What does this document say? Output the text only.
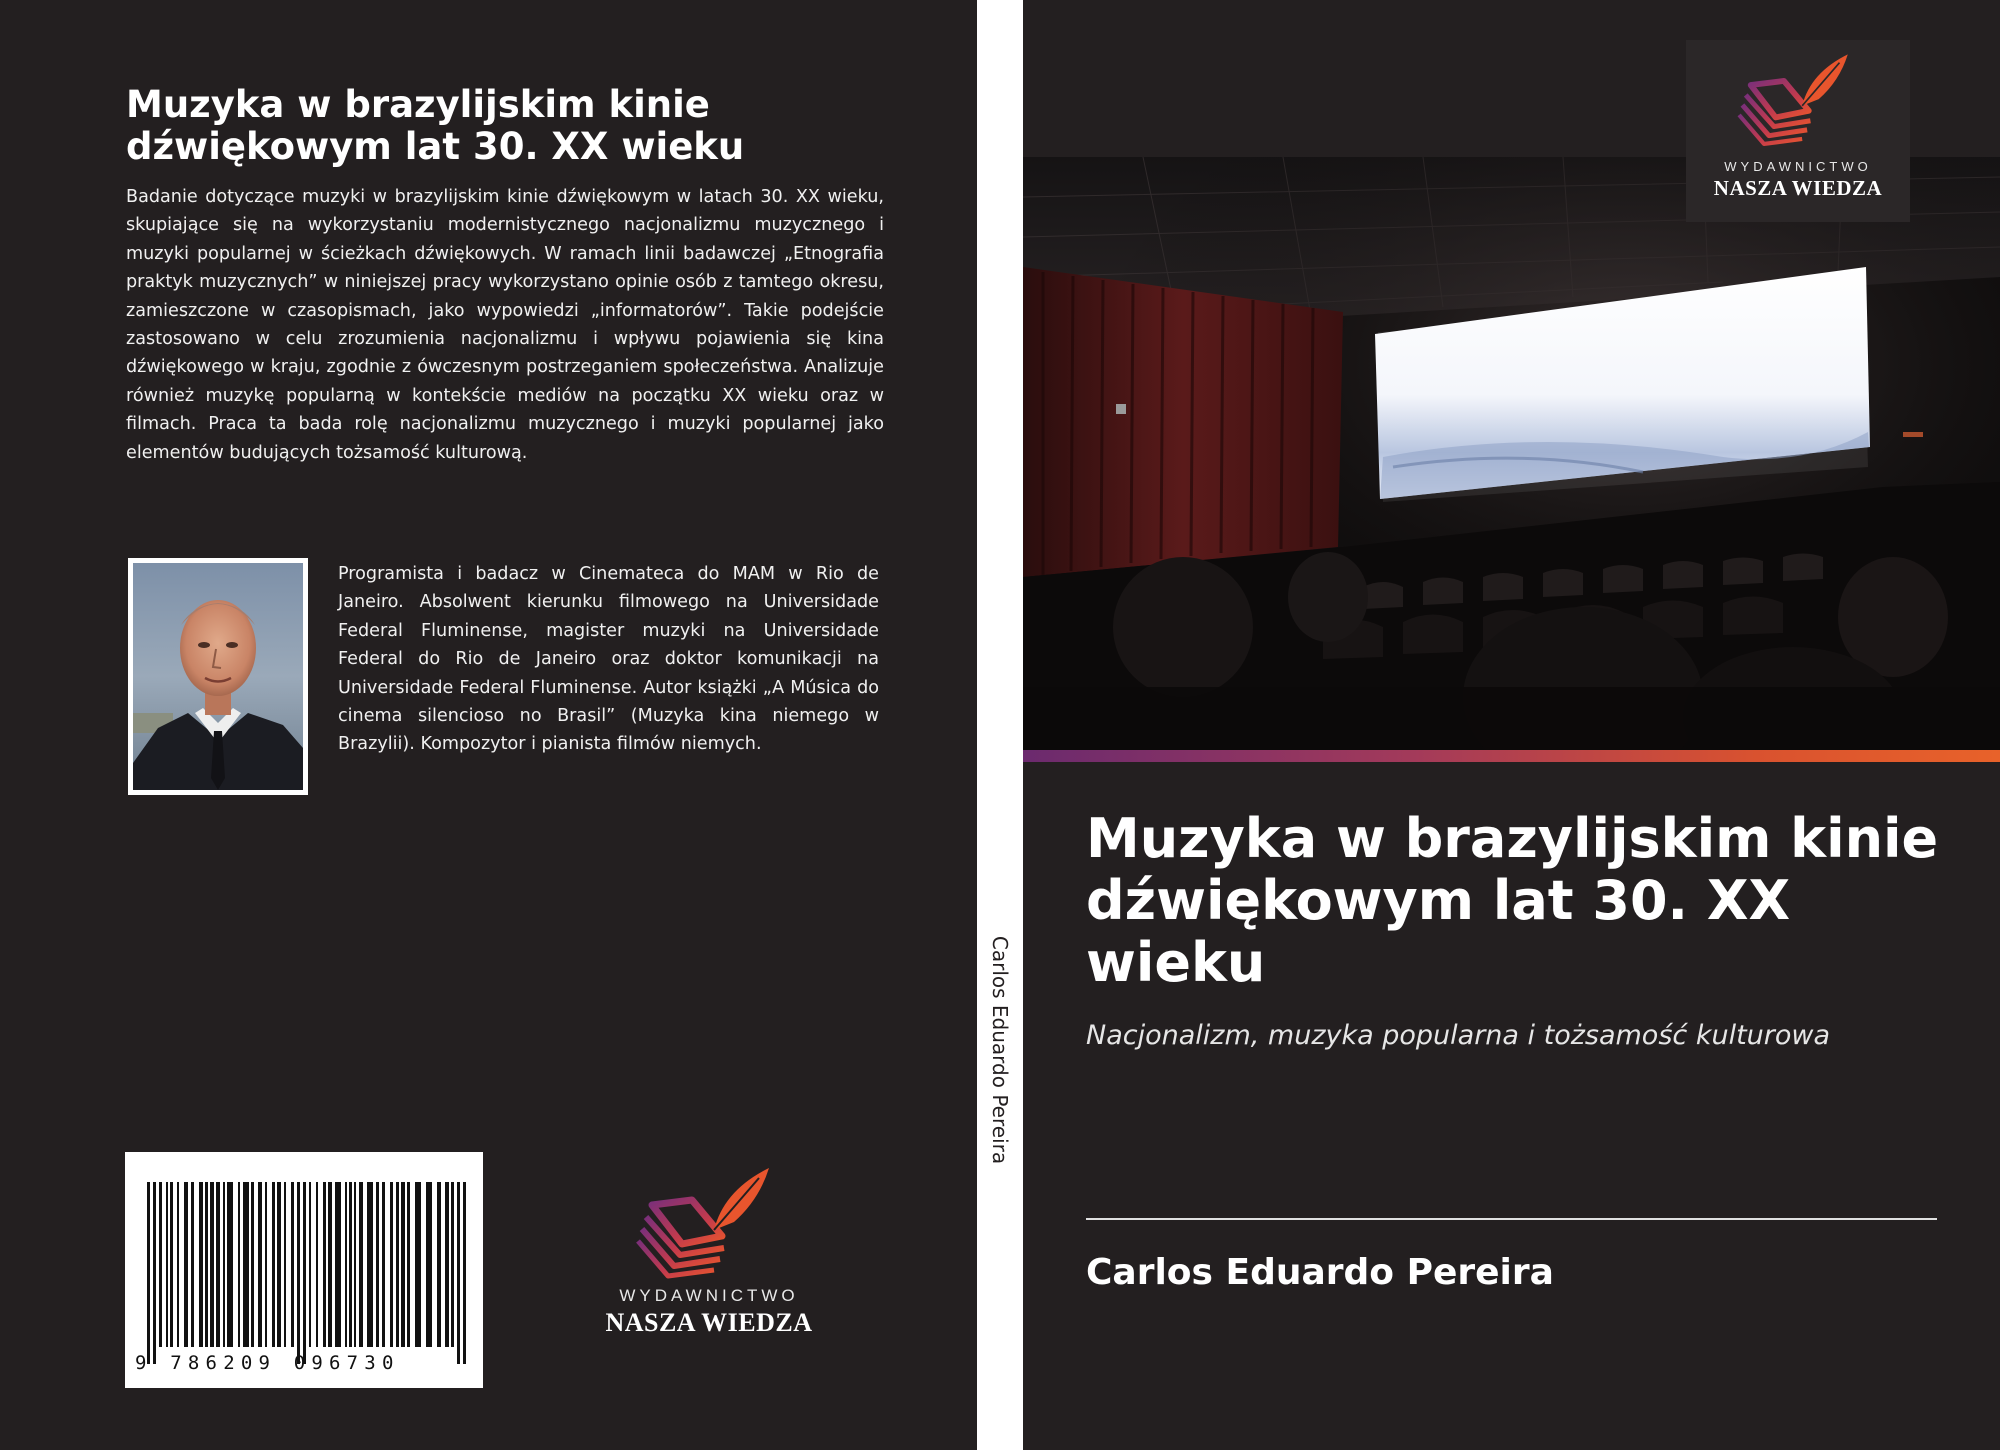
Muzyka w brazylijskim kinie dźwiękowym lat 30. XX wieku

Badanie dotyczące muzyki w brazylijskim kinie dźwiękowym w latach 30. XX wieku, skupiające się na wykorzystaniu modernistycznego nacjonalizmu muzycznego i muzyki popularnej w ścieżkach dźwiękowych. W ramach linii badawczej „Etnografia praktyk muzycznych” w niniejszej pracy wykorzystano opinie osób z tamtego okresu, zamieszczone w czasopismach, jako wypowiedzi „informatorów”. Takie podejście zastosowano w celu zrozumienia nacjonalizmu i wpływu pojawienia się kina dźwiękowego w kraju, zgodnie z ówczesnym postrzeganiem społeczeństwa. Analizuje również muzykę popularną w kontekście mediów na początku XX wieku oraz w filmach. Praca ta bada rolę nacjonalizmu muzycznego i muzyki popularnej jako elementów budujących tożsamość kulturową.

Programista i badacz w Cinemateca do MAM w Rio de Janeiro. Absolwent kierunku filmowego na Universidade Federal Fluminense, magister muzyki na Universidade Federal do Rio de Janeiro oraz doktor komunikacji na Universidade Federal Fluminense. Autor książki „A Música do cinema silencioso no Brasil” (Muzyka kina niemego w Brazylii). Kompozytor i pianista filmów niemych.

9 786209 096730
WYDAWNICTWO
NASZA WIEDZA
Carlos Eduardo Pereira
WYDAWNICTWO
NASZA WIEDZA
Muzyka w brazylijskim kinie dźwiękowym lat 30. XX wieku

Nacjonalizm, muzyka popularna i tożsamość kulturowa

Carlos Eduardo Pereira
